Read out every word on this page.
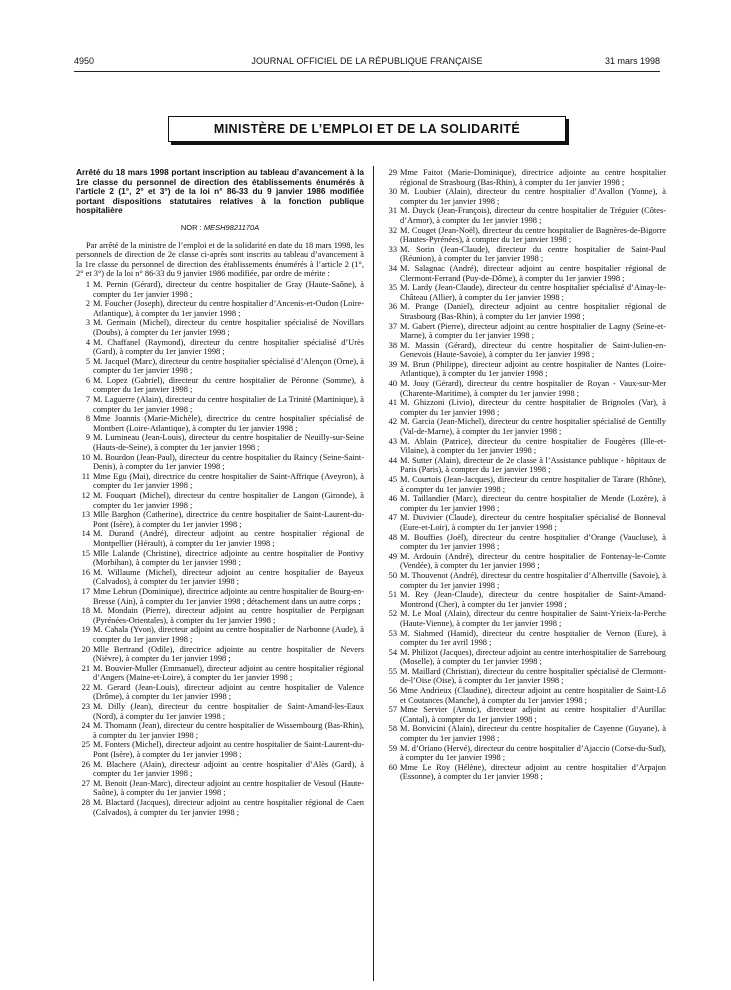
4950	JOURNAL OFFICIEL DE LA RÉPUBLIQUE FRANÇAISE	31 mars 1998
MINISTÈRE DE L’EMPLOI ET DE LA SOLIDARITÉ
Arrêté du 18 mars 1998 portant inscription au tableau d’avancement à la 1re classe du personnel de direction des établissements énumérés à l’article 2 (1°, 2° et 3°) de la loi n° 86-33 du 9 janvier 1986 modifiée portant dispositions statutaires relatives à la fonction publique hospitalière
NOR : MESH9821170A
Par arrêté de la ministre de l’emploi et de la solidarité en date du 18 mars 1998, les personnels de direction de 2e classe ci-après sont inscrits au tableau d’avancement à la 1re classe du personnel de direction des établissements énumérés à l’article 2 (1°, 2° et 3°) de la loi n° 86-33 du 9 janvier 1986 modifiée, par ordre de mérite :
1 M. Pernin (Gérard), directeur du centre hospitalier de Gray (Haute-Saône), à compter du 1er janvier 1998 ;
2 M. Foucher (Joseph), directeur du centre hospitalier d’Ancenis-et-Oudon (Loire-Atlantique), à compter du 1er janvier 1998 ;
3 M. Germain (Michel), directeur du centre hospitalier spécialisé de Novillars (Doubs), à compter du 1er janvier 1998 ;
4 M. Chaffanel (Raymond), directeur du centre hospitalier spécialisé d’Urès (Gard), à compter du 1er janvier 1998 ;
5 M. Jacquel (Marc), directeur du centre hospitalier spécialisé d’Alençon (Orne), à compter du 1er janvier 1998 ;
6 M. Lopez (Gabriel), directeur du centre hospitalier de Péronne (Somme), à compter du 1er janvier 1998 ;
7 M. Laguerre (Alain), directeur du centre hospitalier de La Trinité (Martinique), à compter du 1er janvier 1998 ;
8 Mme Joannis (Marie-Michèle), directrice du centre hospitalier spécialisé de Montbert (Loire-Atlantique), à compter du 1er janvier 1998 ;
9 M. Lumineau (Jean-Louis), directeur du centre hospitalier de Neuilly-sur-Seine (Hauts-de-Seine), à compter du 1er janvier 1998 ;
10 M. Bourdon (Jean-Paul), directeur du centre hospitalier du Raincy (Seine-Saint-Denis), à compter du 1er janvier 1998 ;
11 Mme Egu (Mai), directrice du centre hospitalier de Saint-Affrique (Aveyron), à compter du 1er janvier 1998 ;
12 M. Fouquart (Michel), directeur du centre hospitalier de Langon (Gironde), à compter du 1er janvier 1998 ;
13 Mlle Barghon (Catherine), directrice du centre hospitalier de Saint-Laurent-du-Pont (Isère), à compter du 1er janvier 1998 ;
14 M. Durand (André), directeur adjoint au centre hospitalier régional de Montpellier (Hérault), à compter du 1er janvier 1998 ;
15 Mlle Lalande (Christine), directrice adjointe au centre hospitalier de Pontivy (Morbihan), à compter du 1er janvier 1998 ;
16 M. Willaume (Michel), directeur adjoint au centre hospitalier de Bayeux (Calvados), à compter du 1er janvier 1998 ;
17 Mme Lebrun (Dominique), directrice adjointe au centre hospitalier de Bourg-en-Bresse (Ain), à compter du 1er janvier 1998 ; détachement dans un autre corps ;
18 M. Mondain (Pierre), directeur adjoint au centre hospitalier de Perpignan (Pyrénées-Orientales), à compter du 1er janvier 1998 ;
19 M. Cahala (Yvon), directeur adjoint au centre hospitalier de Narbonne (Aude), à compter du 1er janvier 1998 ;
20 Mlle Bertrand (Odile), directrice adjointe au centre hospitalier de Nevers (Nièvre), à compter du 1er janvier 1998 ;
21 M. Bouvier-Muller (Emmanuel), directeur adjoint au centre hospitalier régional d’Angers (Maine-et-Loire), à compter du 1er janvier 1998 ;
22 M. Gerard (Jean-Louis), directeur adjoint au centre hospitalier de Valence (Drôme), à compter du 1er janvier 1998 ;
23 M. Dilly (Jean), directeur du centre hospitalier de Saint-Amand-les-Eaux (Nord), à compter du 1er janvier 1998 ;
24 M. Thomann (Jean), directeur du centre hospitalier de Wissembourg (Bas-Rhin), à compter du 1er janvier 1998 ;
25 M. Fonters (Michel), directeur adjoint au centre hospitalier de Saint-Laurent-du-Pont (Isère), à compter du 1er janvier 1998 ;
26 M. Blachere (Alain), directeur adjoint au centre hospitalier d’Alès (Gard), à compter du 1er janvier 1998 ;
27 M. Benoit (Jean-Marc), directeur adjoint au centre hospitalier de Vesoul (Haute-Saône), à compter du 1er janvier 1998 ;
28 M. Blactard (Jacques), directeur adjoint au centre hospitalier régional de Caen (Calvados), à compter du 1er janvier 1998 ;
29 Mme Faitot (Marie-Dominique), directrice adjointe au centre hospitalier régional de Strasbourg (Bas-Rhin), à compter du 1er janvier 1998 ;
30 M. Loubier (Alain), directeur du centre hospitalier d’Avallon (Yonne), à compter du 1er janvier 1998 ;
31 M. Duyck (Jean-François), directeur du centre hospitalier de Tréguier (Côtes-d’Armor), à compter du 1er janvier 1998 ;
32 M. Couget (Jean-Noël), directeur du centre hospitalier de Bagnères-de-Bigorre (Hautes-Pyrénées), à compter du 1er janvier 1998 ;
33 M. Sorin (Jean-Claude), directeur du centre hospitalier de Saint-Paul (Réunion), à compter du 1er janvier 1998 ;
34 M. Salagnac (André), directeur adjoint au centre hospitalier régional de Clermont-Ferrand (Puy-de-Dôme), à compter du 1er janvier 1998 ;
35 M. Lardy (Jean-Claude), directeur du centre hospitalier spécialisé d’Ainay-le-Château (Allier), à compter du 1er janvier 1998 ;
36 M. Prange (Daniel), directeur adjoint au centre hospitalier régional de Strasbourg (Bas-Rhin), à compter du 1er janvier 1998 ;
37 M. Gabert (Pierre), directeur adjoint au centre hospitalier de Lagny (Seine-et-Marne), à compter du 1er janvier 1998 ;
38 M. Massin (Gérard), directeur du centre hospitalier de Saint-Julien-en-Genevois (Haute-Savoie), à compter du 1er janvier 1998 ;
39 M. Brun (Philippe), directeur adjoint au centre hospitalier de Nantes (Loire-Atlantique), à compter du 1er janvier 1998 ;
40 M. Jouy (Gérard), directeur du centre hospitalier de Royan - Vaux-sur-Mer (Charente-Maritime), à compter du 1er janvier 1998 ;
41 M. Ghizzoni (Livio), directeur du centre hospitalier de Brignoles (Var), à compter du 1er janvier 1998 ;
42 M. Garcia (Jean-Michel), directeur du centre hospitalier spécialisé de Gentilly (Val-de-Marne), à compter du 1er janvier 1998 ;
43 M. Ablain (Patrice), directeur du centre hospitalier de Fougères (Ille-et-Vilaine), à compter du 1er janvier 1998 ;
44 M. Sutter (Alain), directeur de 2e classe à l’Assistance publique - hôpitaux de Paris (Paris), à compter du 1er janvier 1998 ;
45 M. Courtois (Jean-Jacques), directeur du centre hospitalier de Tarare (Rhône), à compter du 1er janvier 1998 ;
46 M. Taillandier (Marc), directeur du centre hospitalier de Mende (Lozère), à compter du 1er janvier 1998 ;
47 M. Duvivier (Claude), directeur du centre hospitalier spécialisé de Bonneval (Eure-et-Loir), à compter du 1er janvier 1998 ;
48 M. Bouffies (Joël), directeur du centre hospitalier d’Orange (Vaucluse), à compter du 1er janvier 1998 ;
49 M. Ardouin (André), directeur du centre hospitalier de Fontenay-le-Comte (Vendée), à compter du 1er janvier 1998 ;
50 M. Thouvenot (André), directeur du centre hospitalier d’Albertville (Savoie), à compter du 1er janvier 1998 ;
51 M. Rey (Jean-Claude), directeur du centre hospitalier de Saint-Amand-Montrond (Cher), à compter du 1er janvier 1998 ;
52 M. Le Moal (Alain), directeur du centre hospitalier de Saint-Yrieix-la-Perche (Haute-Vienne), à compter du 1er janvier 1998 ;
53 M. Siahmed (Hamid), directeur du centre hospitalier de Vernon (Eure), à compter du 1er avril 1998 ;
54 M. Philizot (Jacques), directeur adjoint au centre interhospitalier de Sarrebourg (Moselle), à compter du 1er janvier 1998 ;
55 M. Maillard (Christian), directeur du centre hospitalier spécialisé de Clermont-de-l’Oise (Oise), à compter du 1er janvier 1998 ;
56 Mme Andrieux (Claudine), directeur adjoint au centre hospitalier de Saint-Lô et Coutances (Manche), à compter du 1er janvier 1998 ;
57 Mme Servier (Annic), directeur adjoint au centre hospitalier d’Aurillac (Cantal), à compter du 1er janvier 1998 ;
58 M. Bonvicini (Alain), directeur du centre hospitalier de Cayenne (Guyane), à compter du 1er janvier 1998 ;
59 M. d’Oriano (Hervé), directeur du centre hospitalier d’Ajaccio (Corse-du-Sud), à compter du 1er janvier 1998 ;
60 Mme Le Roy (Hélène), directeur adjoint au centre hospitalier d’Arpajon (Essonne), à compter du 1er janvier 1998 ;
